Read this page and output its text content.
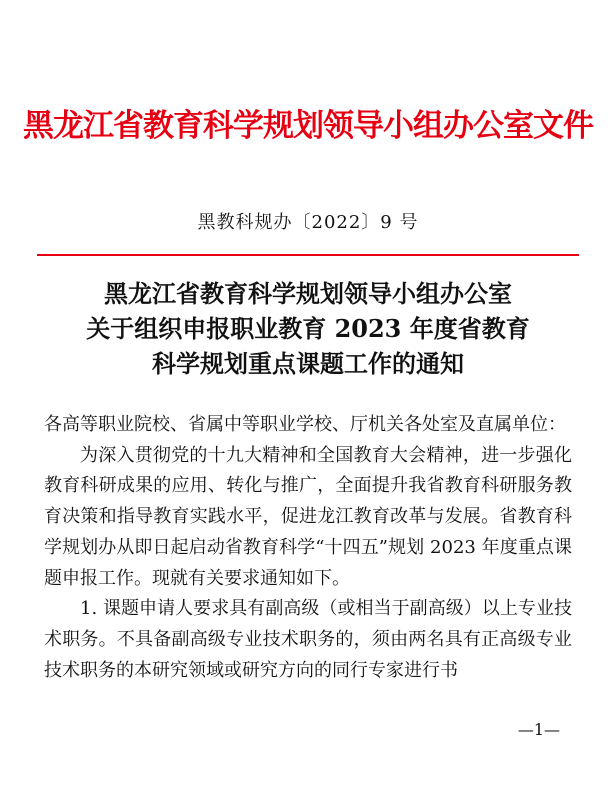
黑龙江省教育科学规划领导小组办公室文件
黑教科规办〔2022〕9 号
黑龙江省教育科学规划领导小组办公室
关于组织申报职业教育 2023 年度省教育
科学规划重点课题工作的通知

各高等职业院校、省属中等职业学校、厅机关各处室及直属单位：

为深入贯彻党的十九大精神和全国教育大会精神，进一步强化教育科研成果的应用、转化与推广，全面提升我省教育科研服务教育决策和指导教育实践水平，促进龙江教育改革与发展。省教育科学规划办从即日起启动省教育科学“十四五”规划 2023 年度重点课题申报工作。现就有关要求通知如下。

1. 课题申请人要求具有副高级（或相当于副高级）以上专业技术职务。不具备副高级专业技术职务的，须由两名具有正高级专业技术职务的本研究领域或研究方向的同行专家进行书

—1—
